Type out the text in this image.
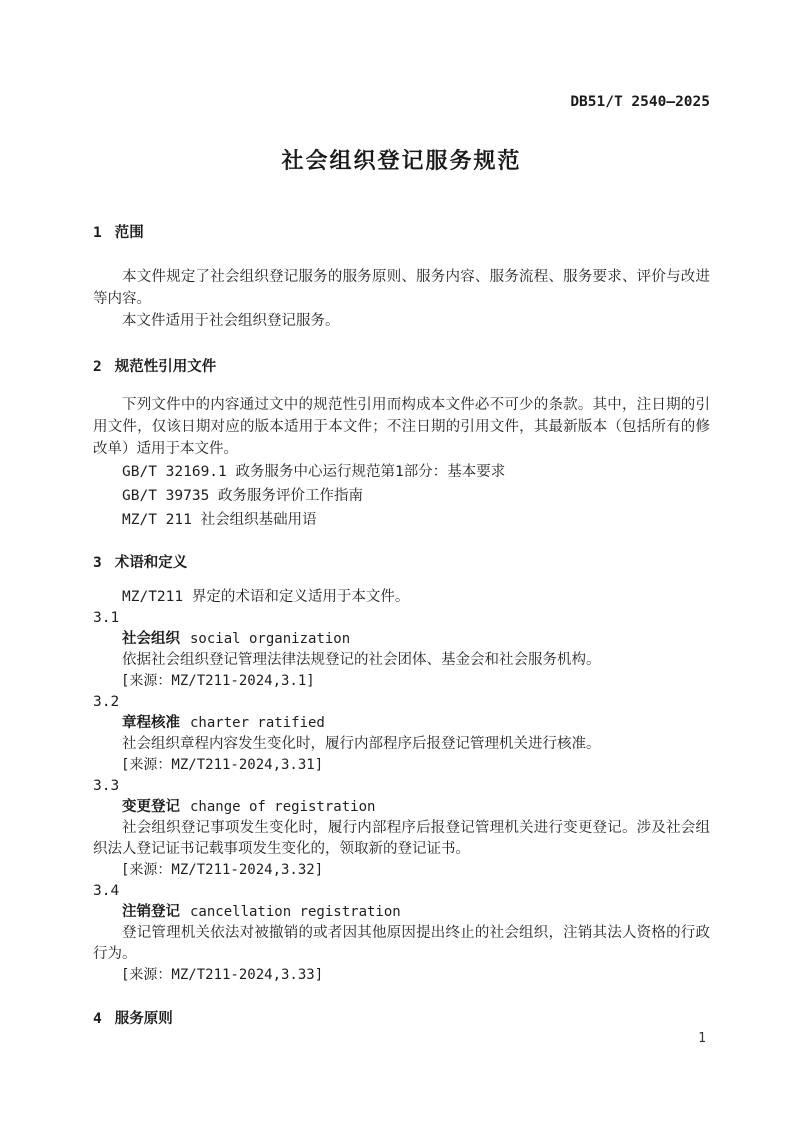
DB51/T 2540—2025
社会组织登记服务规范
1 范围

本文件规定了社会组织登记服务的服务原则、服务内容、服务流程、服务要求、评价与改进等内容。

本文件适用于社会组织登记服务。

2 规范性引用文件

下列文件中的内容通过文中的规范性引用而构成本文件必不可少的条款。其中，注日期的引用文件，仅该日期对应的版本适用于本文件；不注日期的引用文件，其最新版本（包括所有的修改单）适用于本文件。

GB/T 32169.1 政务服务中心运行规范第1部分：基本要求
GB/T 39735 政务服务评价工作指南
MZ/T 211 社会组织基础用语
3 术语和定义

MZ/T211 界定的术语和定义适用于本文件。

3.1
社会组织 social organization

依据社会组织登记管理法律法规登记的社会团体、基金会和社会服务机构。

[来源：MZ/T211-2024,3.1]
3.2
章程核准 charter ratified

社会组织章程内容发生变化时，履行内部程序后报登记管理机关进行核准。

[来源：MZ/T211-2024,3.31]
3.3
变更登记 change of registration

社会组织登记事项发生变化时，履行内部程序后报登记管理机关进行变更登记。涉及社会组织法人登记证书记载事项发生变化的，领取新的登记证书。

[来源：MZ/T211-2024,3.32]
3.4
注销登记 cancellation registration

登记管理机关依法对被撤销的或者因其他原因提出终止的社会组织，注销其法人资格的行政行为。

[来源：MZ/T211-2024,3.33]
4 服务原则
1
